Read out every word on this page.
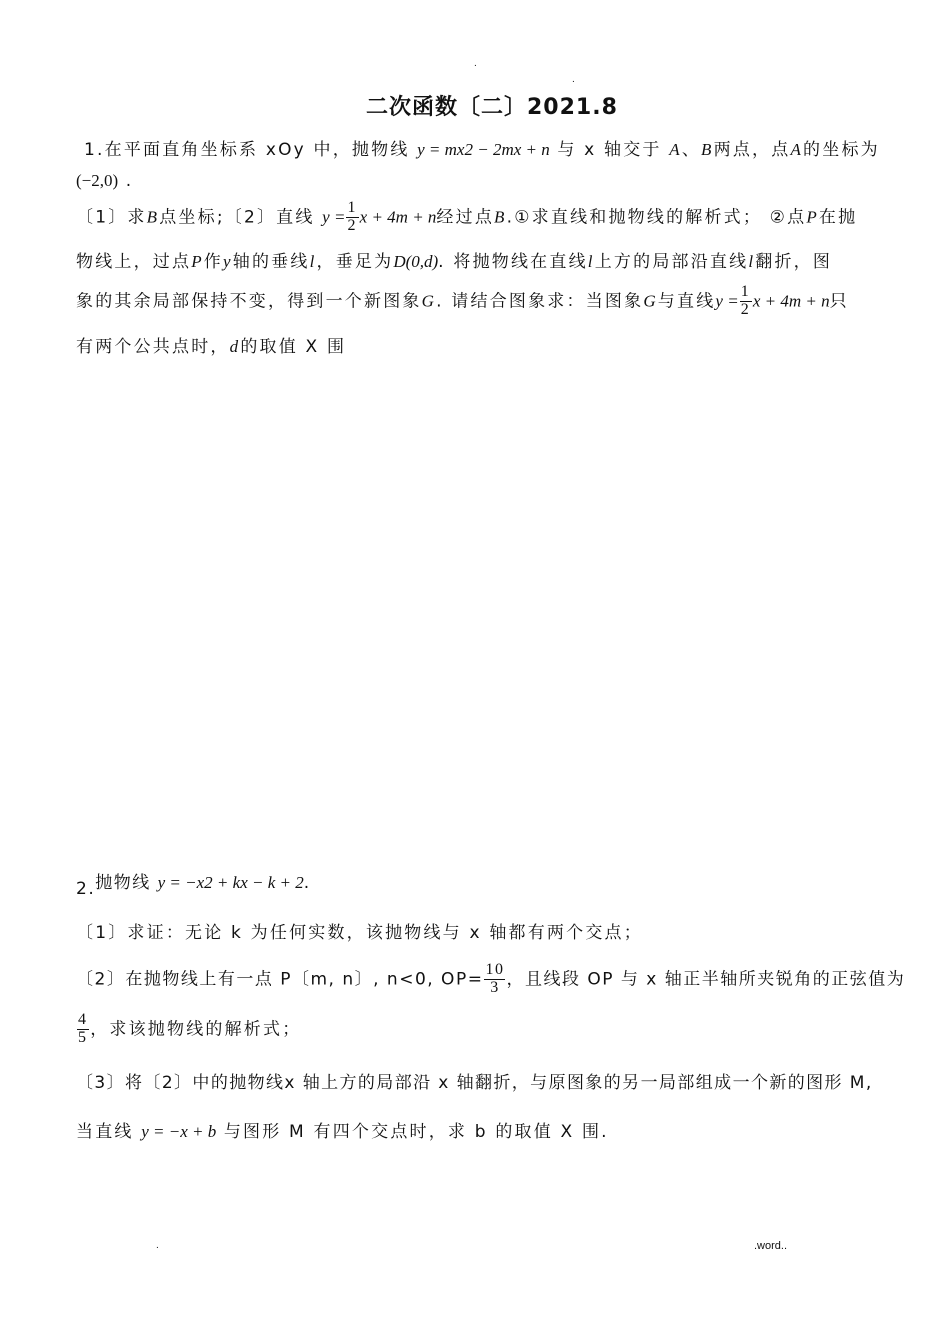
.
.
二次函数〔二〕2021.8
1.在平面直角坐标系 xOy 中，抛物线 y = mx2 − 2mx + n 与 x 轴交于 A、B两点，点A的坐标为
(−2,0) .
〔1〕求B点坐标;〔2〕直线 $y = \frac{1}{2}$ x + 4m + n经过点B.①求直线和抛物线的解析式； ②点P在抛
物线上，过点P作y轴的垂线l，垂足为D(0,d). 将抛物线在直线l上方的局部沿直线l翻折，图
象的其余局部保持不变，得到一个新图象G. 请结合图象求：当图象G与直线$y = \frac{1}{2}$ x + 4m + n只
有两个公共点时，d的取值 X 围
2.抛物线 y = −x2 + kx − k + 2.
〔1〕求证：无论 k 为任何实数，该抛物线与 x 轴都有两个交点；
〔2〕在抛物线上有一点 P〔m, n〕, n<0, $OP= \frac{10}{3}$ ，且线段 OP 与 x 轴正半轴所夹锐角的正弦值为
$\frac{4}{5}$ ，求该抛物线的解析式；
〔3〕将〔2〕中的抛物线x 轴上方的局部沿 x 轴翻折，与原图象的另一局部组成一个新的图形 M,
当直线 y = −x + b 与图形 M 有四个交点时，求 b 的取值 X 围.
.	.word..
